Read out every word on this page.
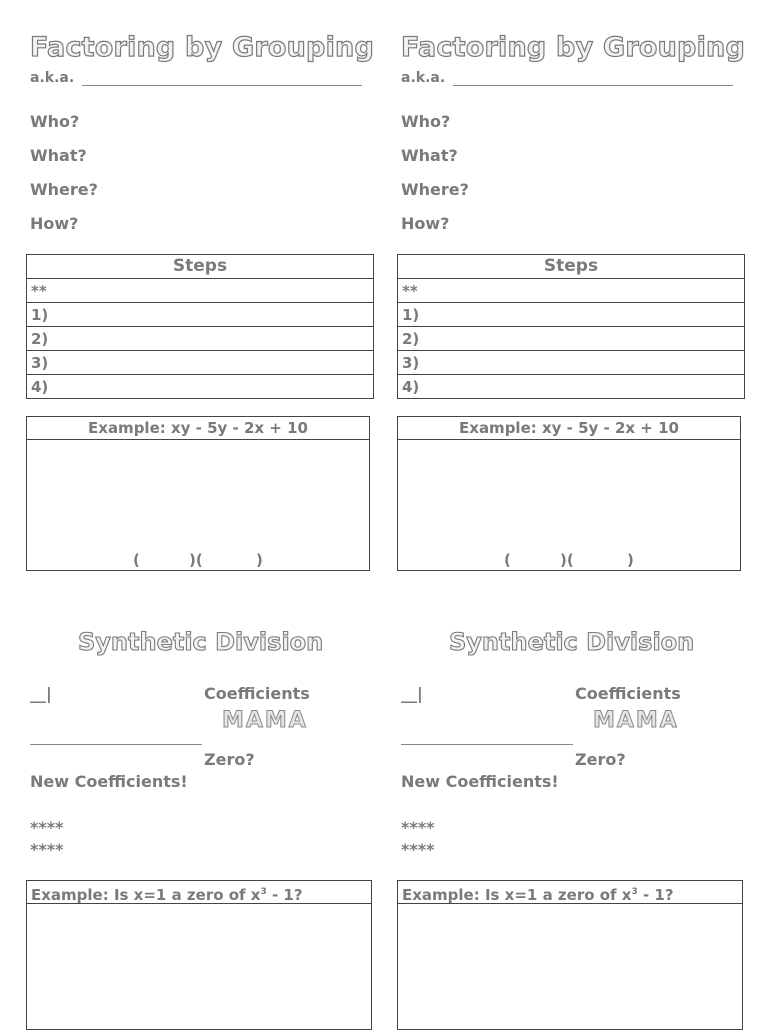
Factoring by Grouping
a.k.a.
Who?
What?
Where?
How?
Steps
**
1)
2)
3)
4)
Example: xy - 5y - 2x + 10
(	)(	)
Synthetic Division
__|	Coefficients
MAMA
Zero?
New Coefficients!
****
****
Example: Is x=1 a zero of $x^3 - 1$?
Factoring by Grouping
a.k.a.
Who?
What?
Where?
How?
Steps
**
1)
2)
3)
4)
Example: xy - 5y - 2x + 10
(	)(	)
Synthetic Division
__|	Coefficients
MAMA
Zero?
New Coefficients!
****
****
Example: Is x=1 a zero of $x^3 - 1$?
